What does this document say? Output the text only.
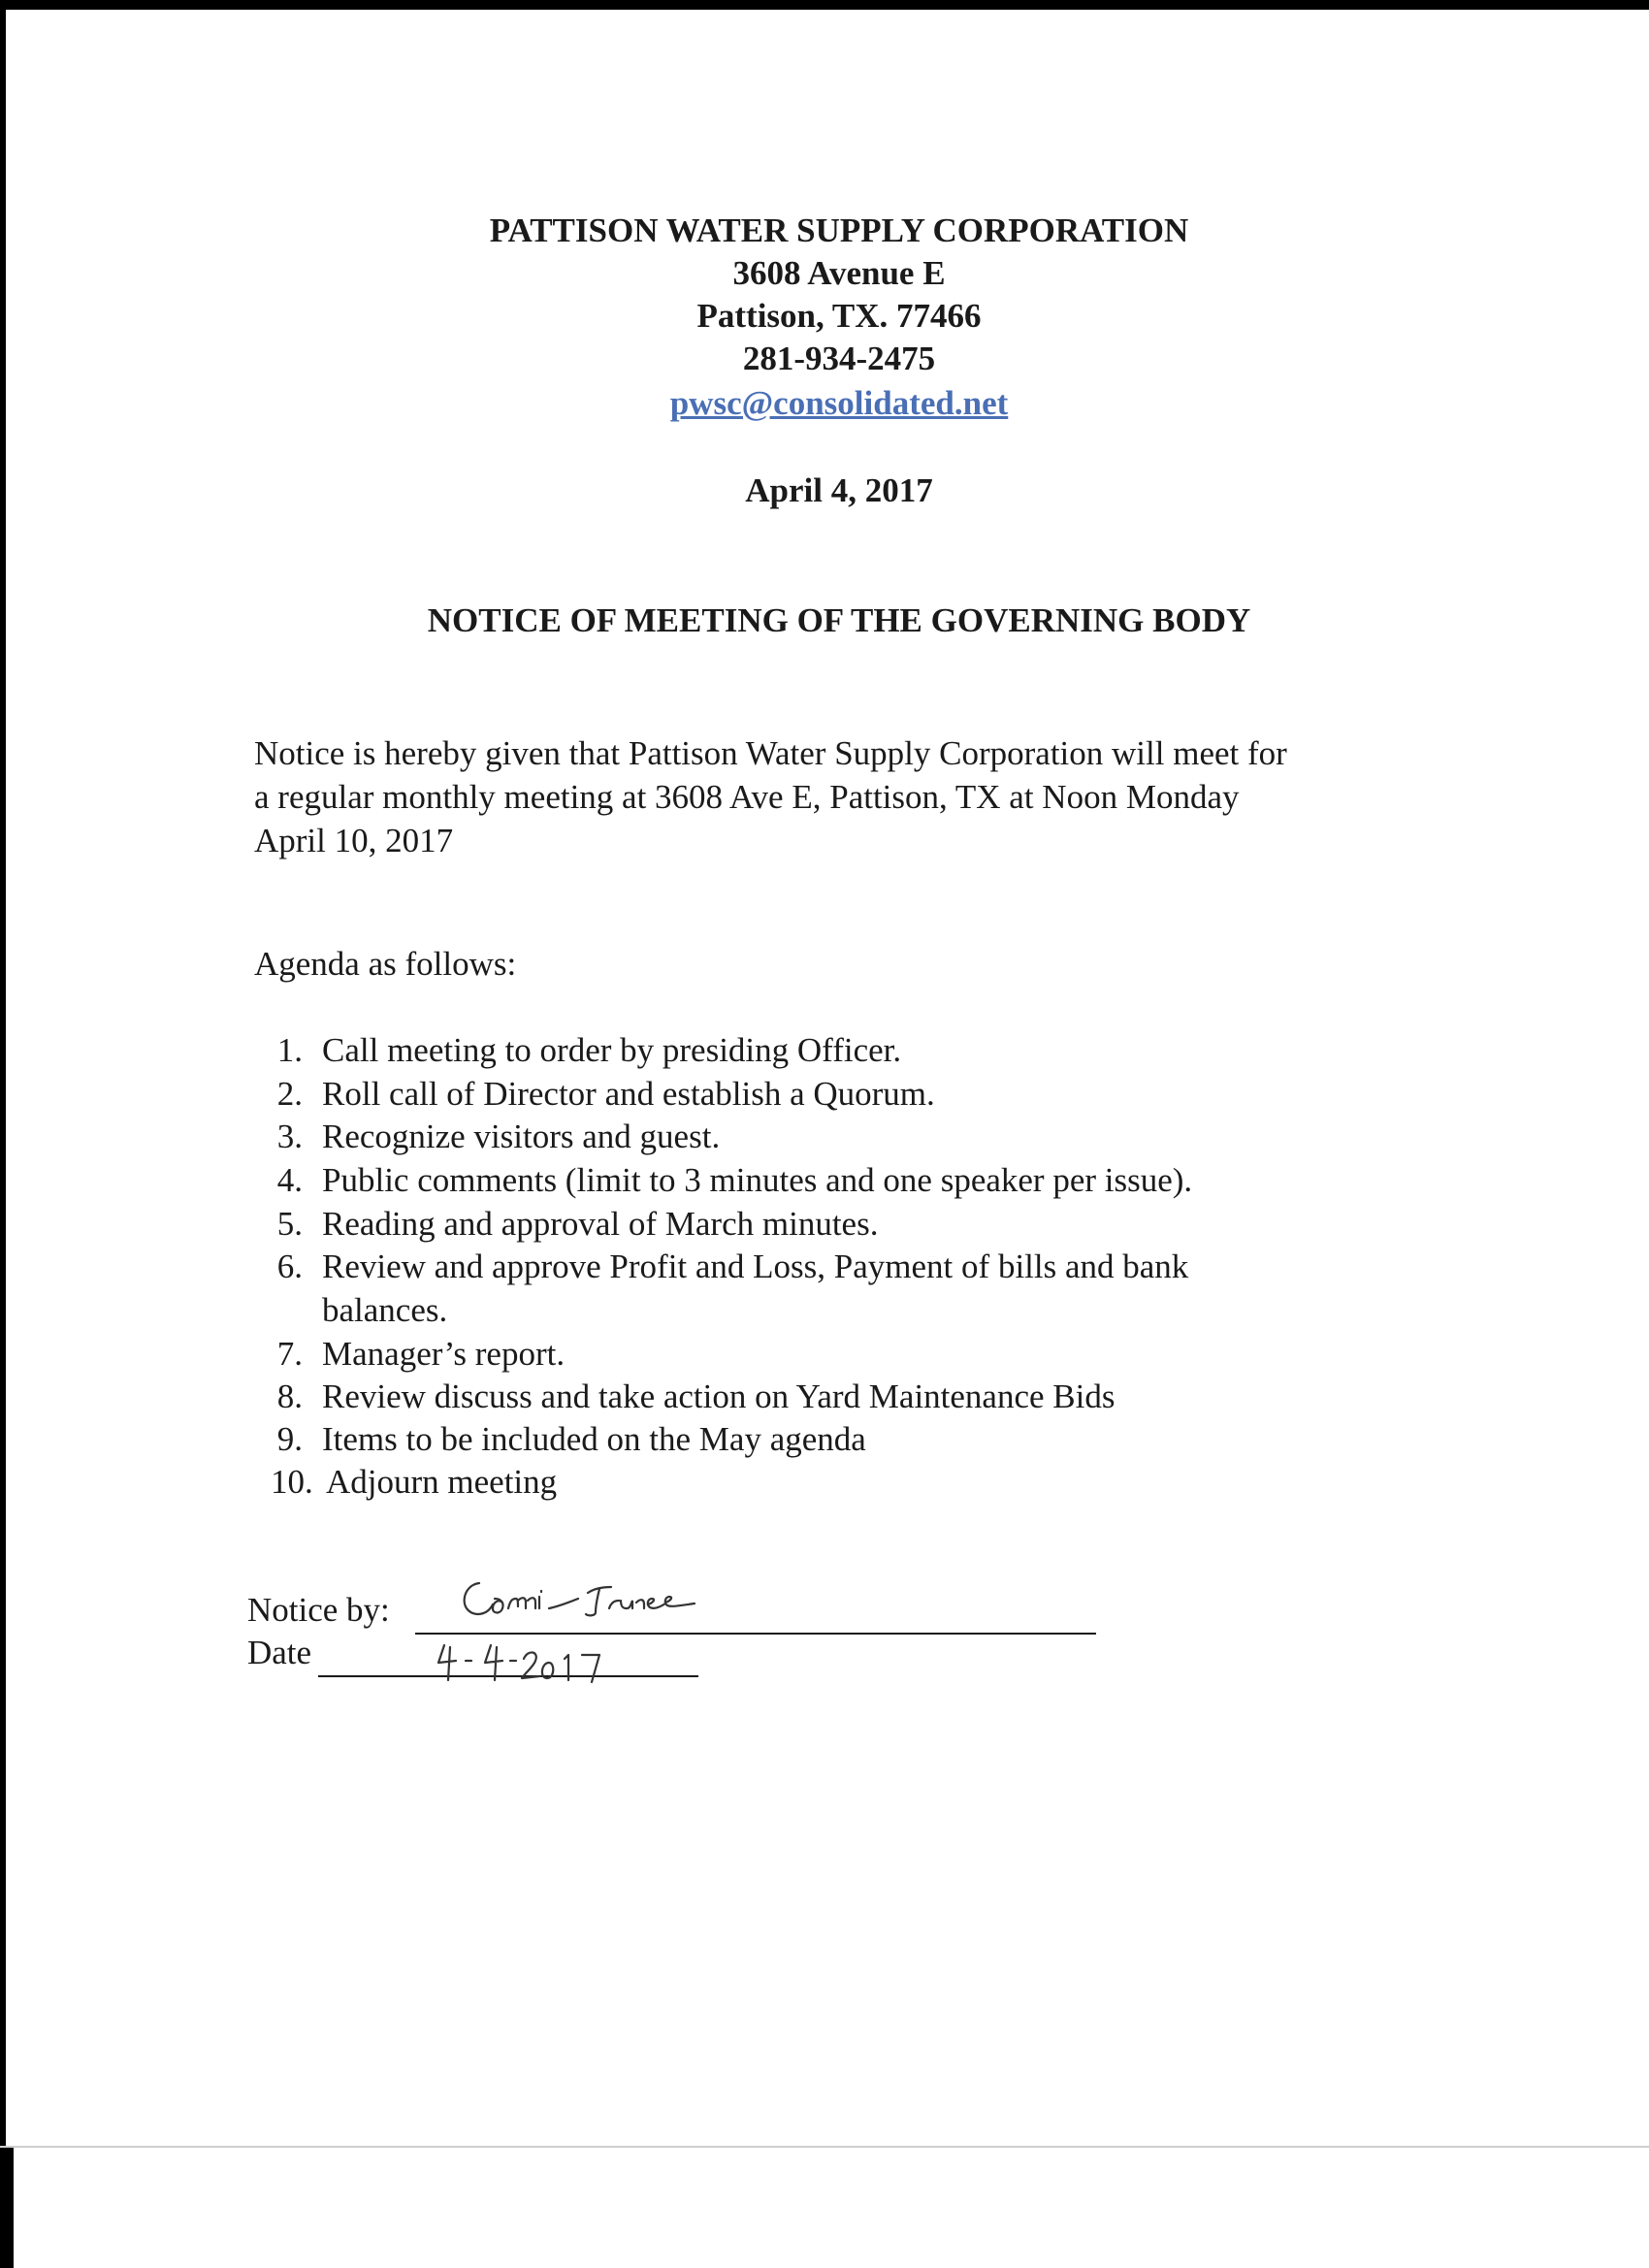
PATTISON WATER SUPPLY CORPORATION
3608 Avenue E
Pattison, TX. 77466
281-934-2475
pwsc@consolidated.net
April 4, 2017
NOTICE OF MEETING OF THE GOVERNING BODY
Notice is hereby given that Pattison Water Supply Corporation will meet for
a regular monthly meeting at 3608 Ave E, Pattison, TX at Noon Monday
April 10, 2017
Agenda as follows:
1. Call meeting to order by presiding Officer.
2. Roll call of Director and establish a Quorum.
3. Recognize visitors and guest.
4. Public comments (limit to 3 minutes and one speaker per issue).
5. Reading and approval of March minutes.
6. Review and approve Profit and Loss, Payment of bills and bank
balances.
7. Manager’s report.
8. Review discuss and take action on Yard Maintenance Bids
9. Items to be included on the May agenda
10. Adjourn meeting
Notice by:
Date
